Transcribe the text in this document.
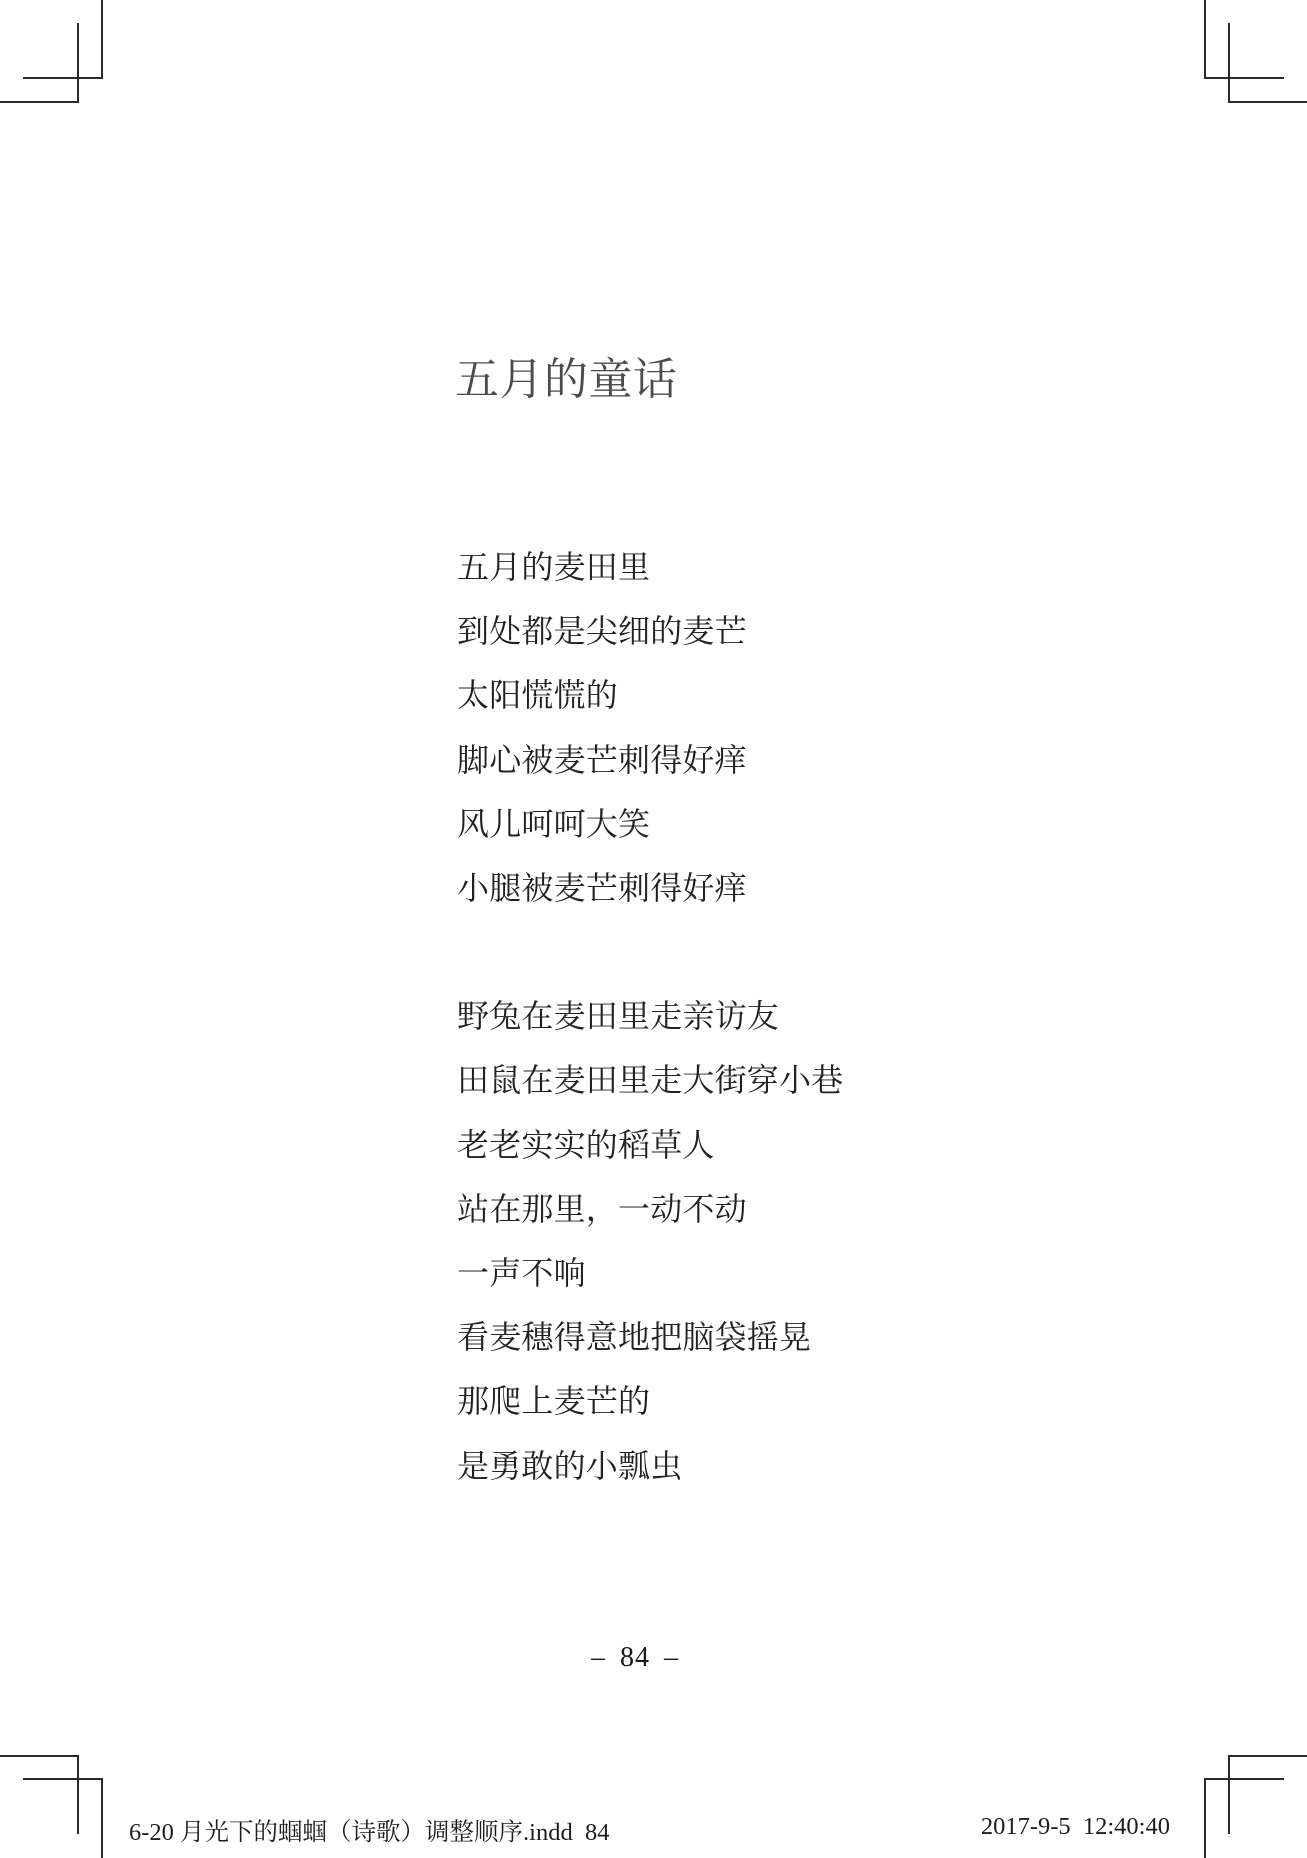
五月的童话

五月的麦田里

到处都是尖细的麦芒

太阳慌慌的

脚心被麦芒刺得好痒

风儿呵呵大笑

小腿被麦芒刺得好痒

野兔在麦田里走亲访友

田鼠在麦田里走大街穿小巷

老老实实的稻草人

站在那里，一动不动

一声不响

看麦穗得意地把脑袋摇晃

那爬上麦芒的

是勇敢的小瓢虫

– 84 –
6-20 月光下的蝈蝈（诗歌）调整顺序.indd  84	2017-9-5  12:40:40
